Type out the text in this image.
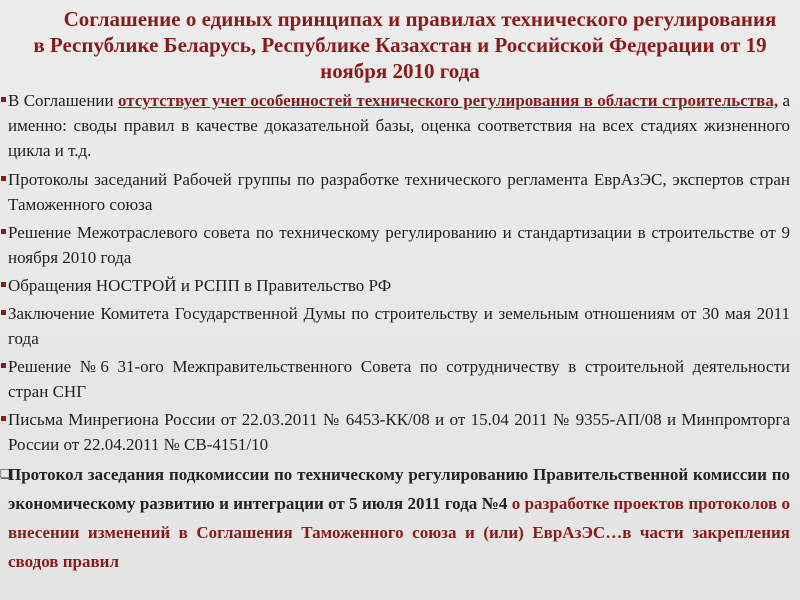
Соглашение о единых принципах и правилах технического регулирования в Республике Беларусь, Республике Казахстан и Российской Федерации от 19 ноября 2010 года
В Соглашении отсутствует учет особенностей технического регулирования в области строительства, а именно: своды правил в качестве доказательной базы, оценка соответствия на всех стадиях жизненного цикла и т.д.
Протоколы заседаний Рабочей группы по разработке технического регламента ЕврАзЭС, экспертов стран Таможенного союза
Решение Межотраслевого совета по техническому регулированию и стандартизации в строительстве от 9 ноября 2010 года
Обращения НОСТРОЙ и РСПП в Правительство РФ
Заключение Комитета Государственной Думы по строительству и земельным отношениям от 30 мая 2011 года
Решение №6 31-ого Межправительственного Совета по сотрудничеству в строительной деятельности стран СНГ
Письма Минрегиона России от 22.03.2011 № 6453-КК/08 и от 15.04 2011 № 9355-АП/08 и Минпромторга России от 22.04.2011 № СВ-4151/10
❑
Протокол заседания подкомиссии по техническому регулированию Правительственной комиссии по экономическому развитию и интеграции от 5 июля 2011 года №4 о разработке проектов протоколов о внесении изменений в Соглашения Таможенного союза и (или) ЕврАзЭС…в части закрепления сводов правил
